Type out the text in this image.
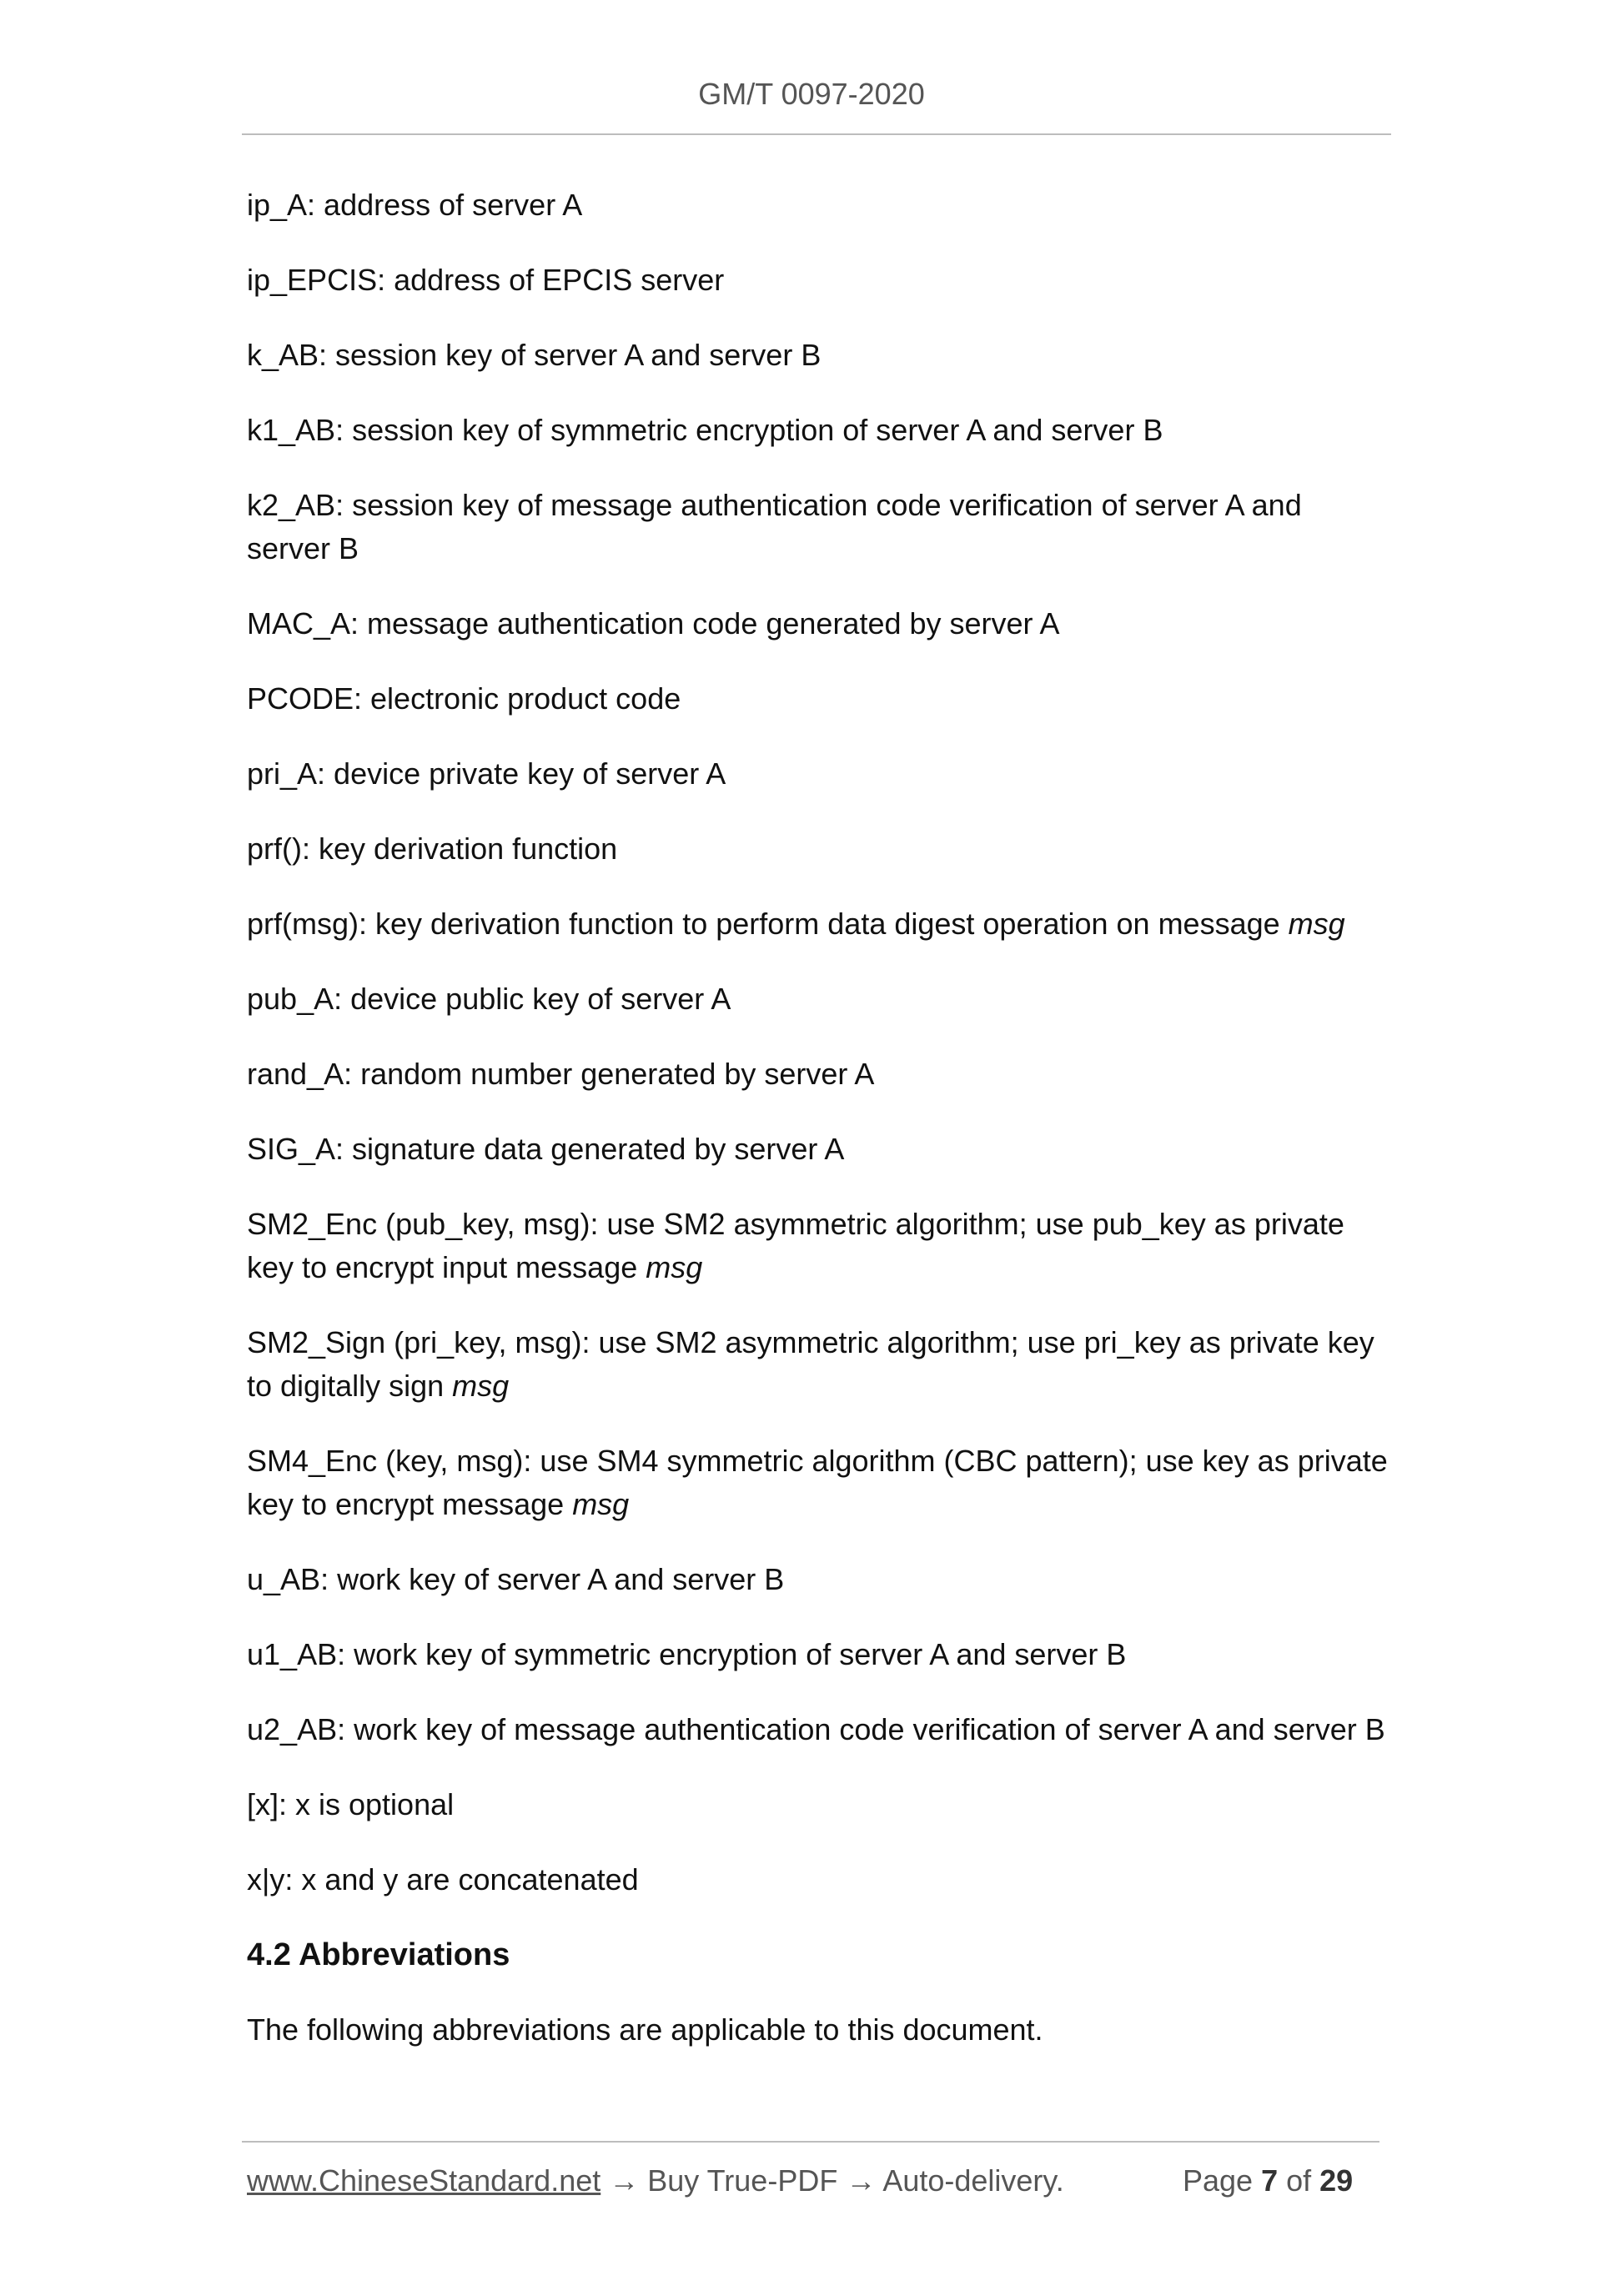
GM/T 0097-2020

ip_A: address of server A

ip_EPCIS: address of EPCIS server

k_AB: session key of server A and server B

k1_AB: session key of symmetric encryption of server A and server B

k2_AB: session key of message authentication code verification of server A and server B

MAC_A: message authentication code generated by server A

PCODE: electronic product code

pri_A: device private key of server A

prf(): key derivation function

prf(msg): key derivation function to perform data digest operation on message msg

pub_A: device public key of server A

rand_A: random number generated by server A

SIG_A: signature data generated by server A

SM2_Enc (pub_key, msg): use SM2 asymmetric algorithm; use pub_key as private key to encrypt input message msg

SM2_Sign (pri_key, msg): use SM2 asymmetric algorithm; use pri_key as private key to digitally sign msg

SM4_Enc (key, msg): use SM4 symmetric algorithm (CBC pattern); use key as private key to encrypt message msg

u_AB: work key of server A and server B

u1_AB: work key of symmetric encryption of server A and server B

u2_AB: work key of message authentication code verification of server A and server B

[x]: x is optional

x|y: x and y are concatenated

4.2 Abbreviations

The following abbreviations are applicable to this document.

www.ChineseStandard.net → Buy True-PDF → Auto-delivery.	Page 7 of 29
